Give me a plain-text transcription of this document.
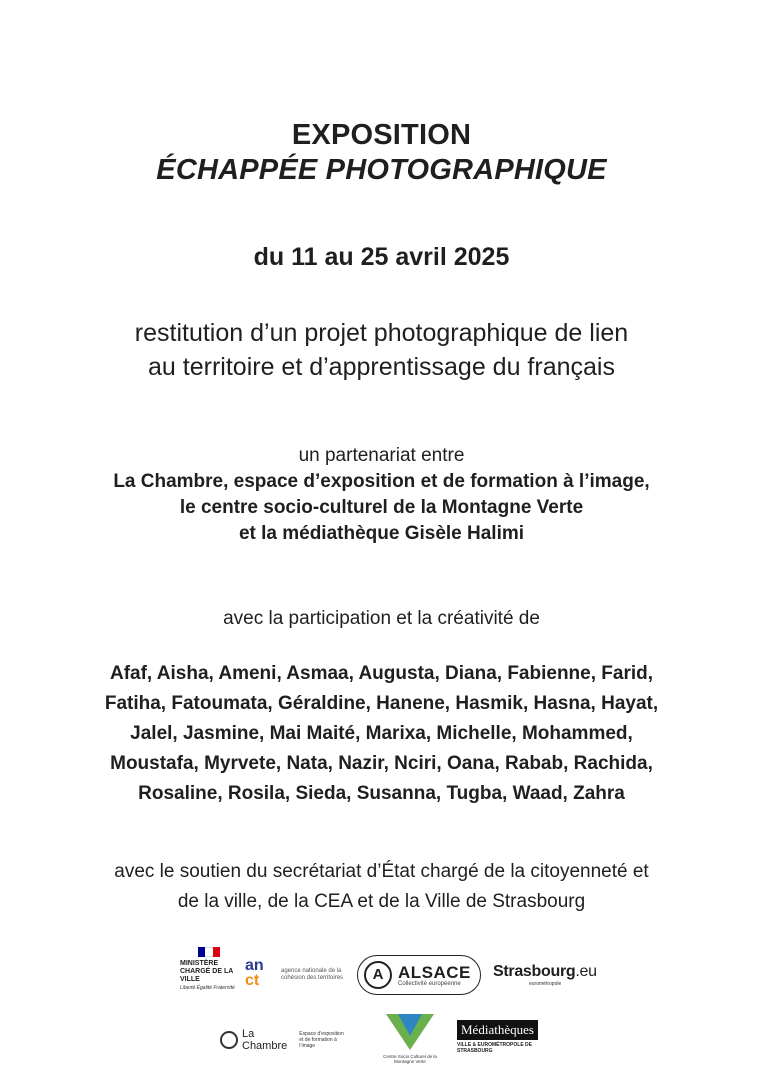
EXPOSITION
ÉCHAPPÉE PHOTOGRAPHIQUE
du 11 au 25 avril 2025
restitution d’un projet photographique de lien
au territoire et d’apprentissage du français
un partenariat entre
La Chambre, espace d’exposition et de formation à l’image,
le centre socio-culturel de la Montagne Verte
et la médiathèque Gisèle Halimi
avec la participation et la créativité de
Afaf, Aisha, Ameni, Asmaa, Augusta, Diana, Fabienne, Farid,
Fatiha, Fatoumata, Géraldine, Hanene, Hasmik, Hasna, Hayat,
Jalel, Jasmine, Mai Maité, Marixa, Michelle, Mohammed,
Moustafa, Myrvete, Nata, Nazir, Nciri, Oana, Rabab, Rachida,
Rosaline, Rosila, Sieda, Susanna, Tugba, Waad, Zahra
avec le soutien du secrétariat d’État chargé de la citoyenneté et
de la ville, de la CEA et de la Ville de Strasbourg
MINISTÈRE CHARGÉ DE LA VILLE
Liberté Égalité Fraternité
an
ct
agence nationale de la cohésion des territoires	A ALSACE
Collectivité européenne
Strasbourg.eu
eurométropole
La
Chambre
Espace d’exposition et de formation à l’image
Centre Socio Culturel de la Montagne Verte
Médiathèques
VILLE & EUROMÉTROPOLE DE STRASBOURG
